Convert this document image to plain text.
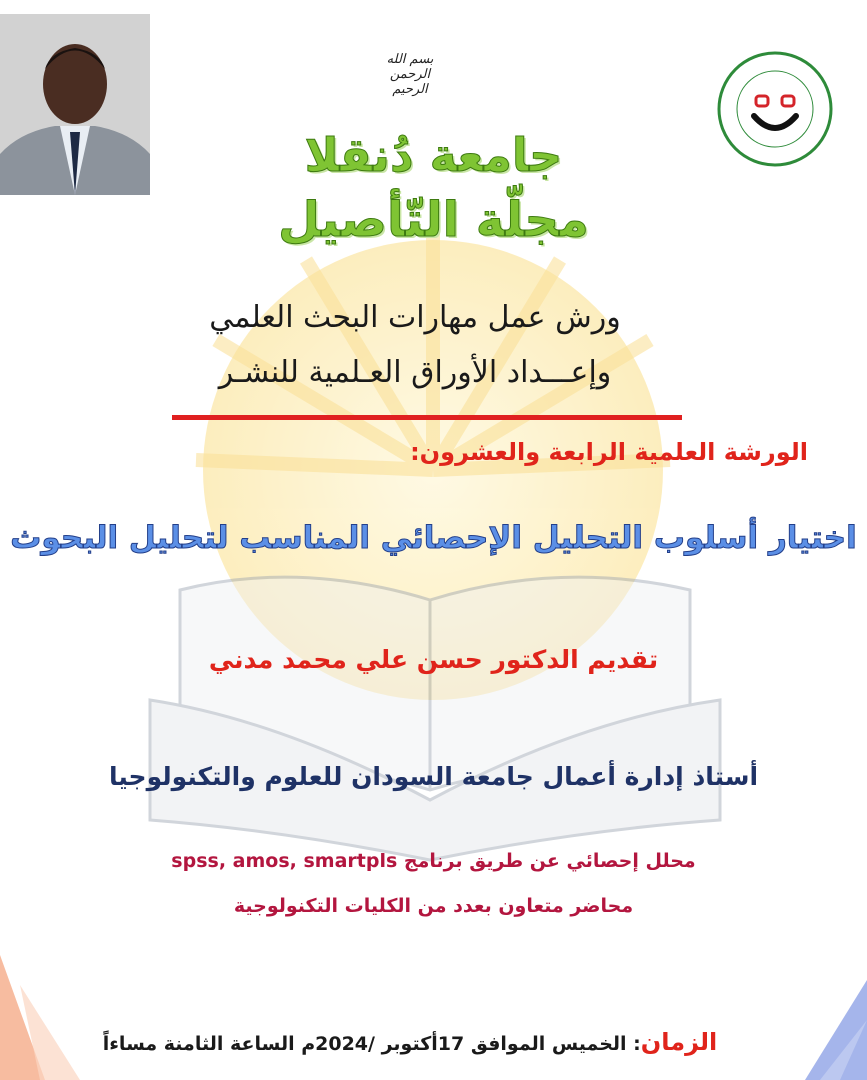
بسم الله الرحمن الرحيم
جامعة دُنقلا
مجلّة التّأصيل
ورش عمل مهارات البحث العلمي
وإعـــداد الأوراق العـلمية للنشـر
الورشة العلمية الرابعة والعشرون:
اختيار أسلوب التحليل الإحصائي المناسب لتحليل البحوث
تقديم الدكتور حسن علي محمد مدني
أستاذ إدارة أعمال جامعة السودان للعلوم والتكنولوجيا
محلل إحصائي عن طريق برنامج spss, amos, smartpls
محاضر متعاون بعدد من الكليات التكنولوجية
الزمان: الخميس الموافق 17أكتوبر /2024م الساعة الثامنة مساءاً
